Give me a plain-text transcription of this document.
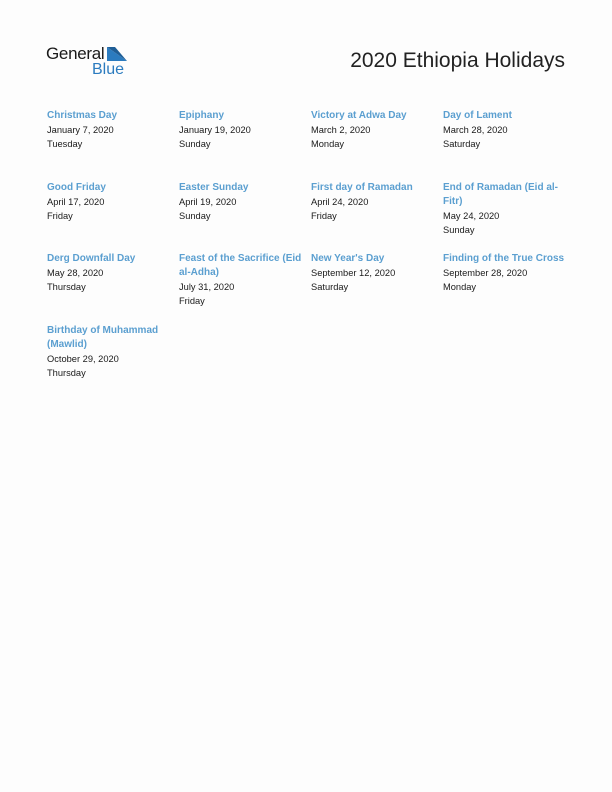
General
Blue	2020 Ethiopia Holidays

Christmas Day

January 7, 2020

Tuesday

Epiphany

January 19, 2020

Sunday

Victory at Adwa Day

March 2, 2020

Monday

Day of Lament

March 28, 2020

Saturday

Good Friday

April 17, 2020

Friday

Easter Sunday

April 19, 2020

Sunday

First day of Ramadan

April 24, 2020

Friday

End of Ramadan (Eid al-Fitr)

May 24, 2020

Sunday

Derg Downfall Day

May 28, 2020

Thursday

Feast of the Sacrifice (Eid al-Adha)

July 31, 2020

Friday

New Year's Day

September 12, 2020

Saturday

Finding of the True Cross

September 28, 2020

Monday

Birthday of Muhammad (Mawlid)

October 29, 2020

Thursday
